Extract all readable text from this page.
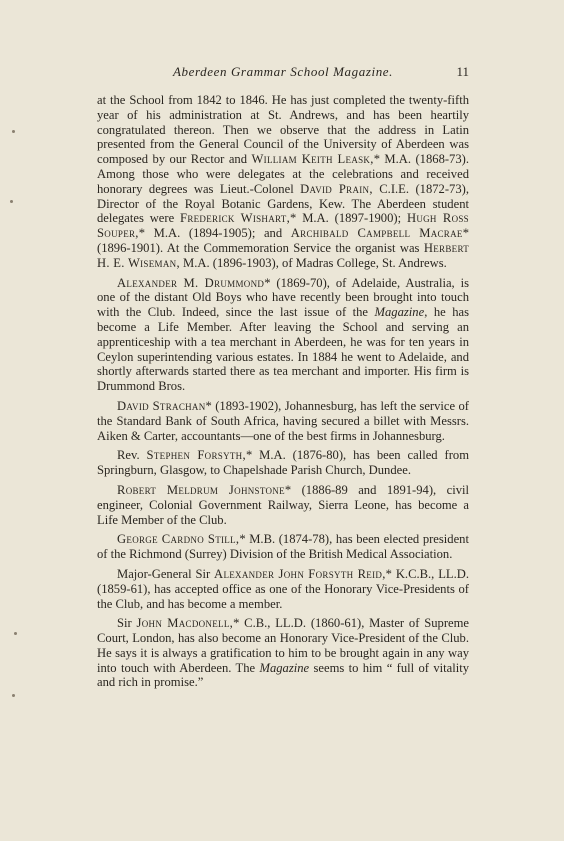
Aberdeen Grammar School Magazine.	11

at the School from 1842 to 1846. He has just completed the twenty-fifth year of his administration at St. Andrews, and has been heartily congratulated thereon. Then we observe that the address in Latin presented from the General Council of the University of Aberdeen was composed by our Rector and William Keith Leask,* M.A. (1868-73). Among those who were delegates at the celebrations and received honorary degrees was Lieut.-Colonel David Prain, C.I.E. (1872-73), Director of the Royal Botanic Gardens, Kew. The Aberdeen student delegates were Frederick Wishart,* M.A. (1897-1900); Hugh Ross Souper,* M.A. (1894-1905); and Archibald Campbell Macrae* (1896-1901). At the Commemoration Service the organist was Herbert H. E. Wiseman, M.A. (1896-1903), of Madras College, St. Andrews.

Alexander M. Drummond* (1869-70), of Adelaide, Australia, is one of the distant Old Boys who have recently been brought into touch with the Club. Indeed, since the last issue of the Magazine, he has become a Life Member. After leaving the School and serving an apprenticeship with a tea merchant in Aberdeen, he was for ten years in Ceylon superintending various estates. In 1884 he went to Adelaide, and shortly afterwards started there as tea merchant and importer. His firm is Drummond Bros.

David Strachan* (1893-1902), Johannesburg, has left the service of the Standard Bank of South Africa, having secured a billet with Messrs. Aiken & Carter, accountants—one of the best firms in Johannesburg.

Rev. Stephen Forsyth,* M.A. (1876-80), has been called from Springburn, Glasgow, to Chapelshade Parish Church, Dundee.

Robert Meldrum Johnstone* (1886-89 and 1891-94), civil engineer, Colonial Government Railway, Sierra Leone, has become a Life Member of the Club.

George Cardno Still,* M.B. (1874-78), has been elected president of the Richmond (Surrey) Division of the British Medical Association.

Major-General Sir Alexander John Forsyth Reid,* K.C.B., LL.D. (1859-61), has accepted office as one of the Honorary Vice-Presidents of the Club, and has become a member.

Sir John Macdonell,* C.B., LL.D. (1860-61), Master of Supreme Court, London, has also become an Honorary Vice-President of the Club. He says it is always a gratification to him to be brought again in any way into touch with Aberdeen. The Magazine seems to him “ full of vitality and rich in promise.”
